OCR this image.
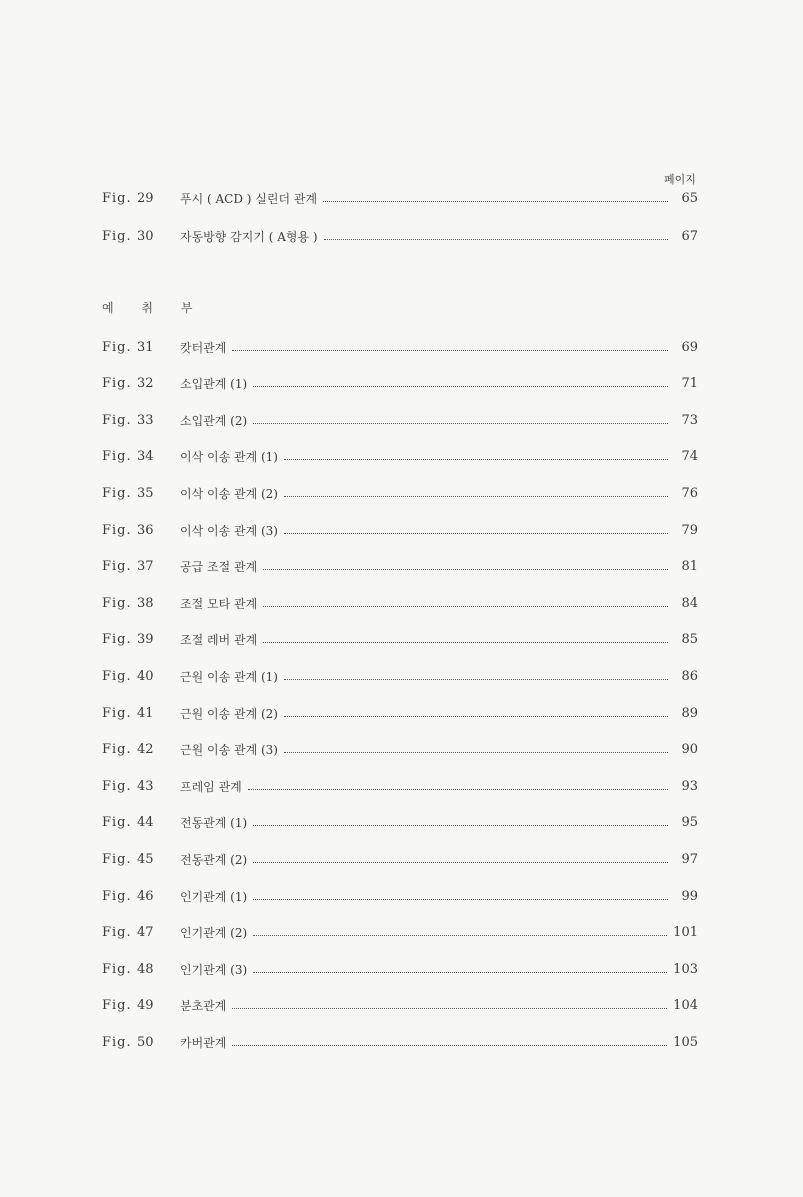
페이지
Fig. 29	푸시 ( ACD ) 실린더 관계	65
Fig. 30	자동방향 감지기 ( A형용 )	67
예 취 부
Fig. 31	캇터관계	69
Fig. 32	소입관계 (1)	71
Fig. 33	소입관계 (2)	73
Fig. 34	이삭 이송 관계 (1)	74
Fig. 35	이삭 이송 관계 (2)	76
Fig. 36	이삭 이송 관계 (3)	79
Fig. 37	공급 조절 관계	81
Fig. 38	조절 모타 관계	84
Fig. 39	조절 레버 관계	85
Fig. 40	근원 이송 관계 (1)	86
Fig. 41	근원 이송 관계 (2)	89
Fig. 42	근원 이송 관계 (3)	90
Fig. 43	프레임 관계	93
Fig. 44	전동관계 (1)	95
Fig. 45	전동관계 (2)	97
Fig. 46	인기관계 (1)	99
Fig. 47	인기관계 (2)	101
Fig. 48	인기관계 (3)	103
Fig. 49	분초관계	104
Fig. 50	카버관계	105
